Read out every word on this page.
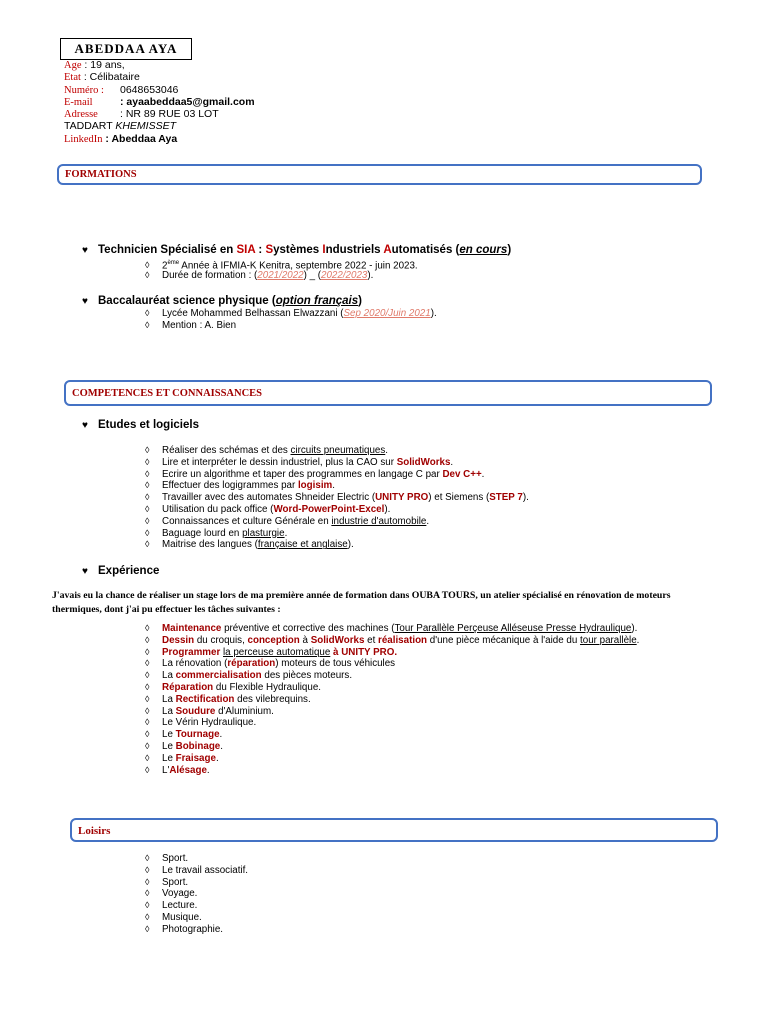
ABEDDAA AYA
Age : 19 ans,
Etat : Célibataire
Numéro : 0648653046
E-mail	: ayaabeddaa5@gmail.com
Adresse : NR 89 RUE 03 LOT
TADDART KHEMISSET
LinkedIn : Abeddaa Aya
FORMATIONS
♥ Technicien Spécialisé en SIA : Systèmes Industriels Automatisés (en cours)
◊ 2ème Année à IFMIA-K Kenitra, septembre 2022 - juin 2023.
◊ Durée de formation : (2021/2022) _ (2022/2023).
♥ Baccalauréat science physique (option français)
◊ Lycée Mohammed Belhassan Elwazzani (Sep 2020/Juin 2021).
◊ Mention : A. Bien
COMPETENCES ET CONNAISSANCES
♥ Etudes et logiciels
◊ Réaliser des schémas et des circuits pneumatiques.
◊ Lire et interpréter le dessin industriel, plus la CAO sur SolidWorks.
◊ Ecrire un algorithme et taper des programmes en langage C par Dev C++.
◊ Effectuer des logigrammes par logisim.
◊ Travailler avec des automates Shneider Electric (UNITY PRO) et Siemens (STEP 7).
◊ Utilisation du pack office (Word-PowerPoint-Excel).
◊ Connaissances et culture Générale en industrie d'automobile.
◊ Baguage lourd en plasturgie.
◊ Maitrise des langues (française et anglaise).
♥ Expérience
J'avais eu la chance de réaliser un stage lors de ma première année de formation dans OUBA TOURS, un atelier spécialisé en rénovation de moteurs thermiques, dont j'ai pu effectuer les tâches suivantes :
◊ Maintenance préventive et corrective des machines (Tour Parallèle Perçeuse Alléseuse Presse Hydraulique).
◊ Dessin du croquis, conception à SolidWorks et réalisation d'une pièce mécanique à l'aide du tour parallèle.
◊ Programmer la perceuse automatique à UNITY PRO.
◊ La rénovation (réparation) moteurs de tous véhicules
◊ La commercialisation des pièces moteurs.
◊ Réparation du Flexible Hydraulique.
◊ La Rectification des vilebrequins.
◊ La Soudure d'Aluminium.
◊ Le Vérin Hydraulique.
◊ Le Tournage.
◊ Le Bobinage.
◊ Le Fraisage.
◊ L'Alésage.
Loisirs
◊ Sport.
◊ Le travail associatif.
◊ Sport.
◊ Voyage.
◊ Lecture.
◊ Musique.
◊ Photographie.
